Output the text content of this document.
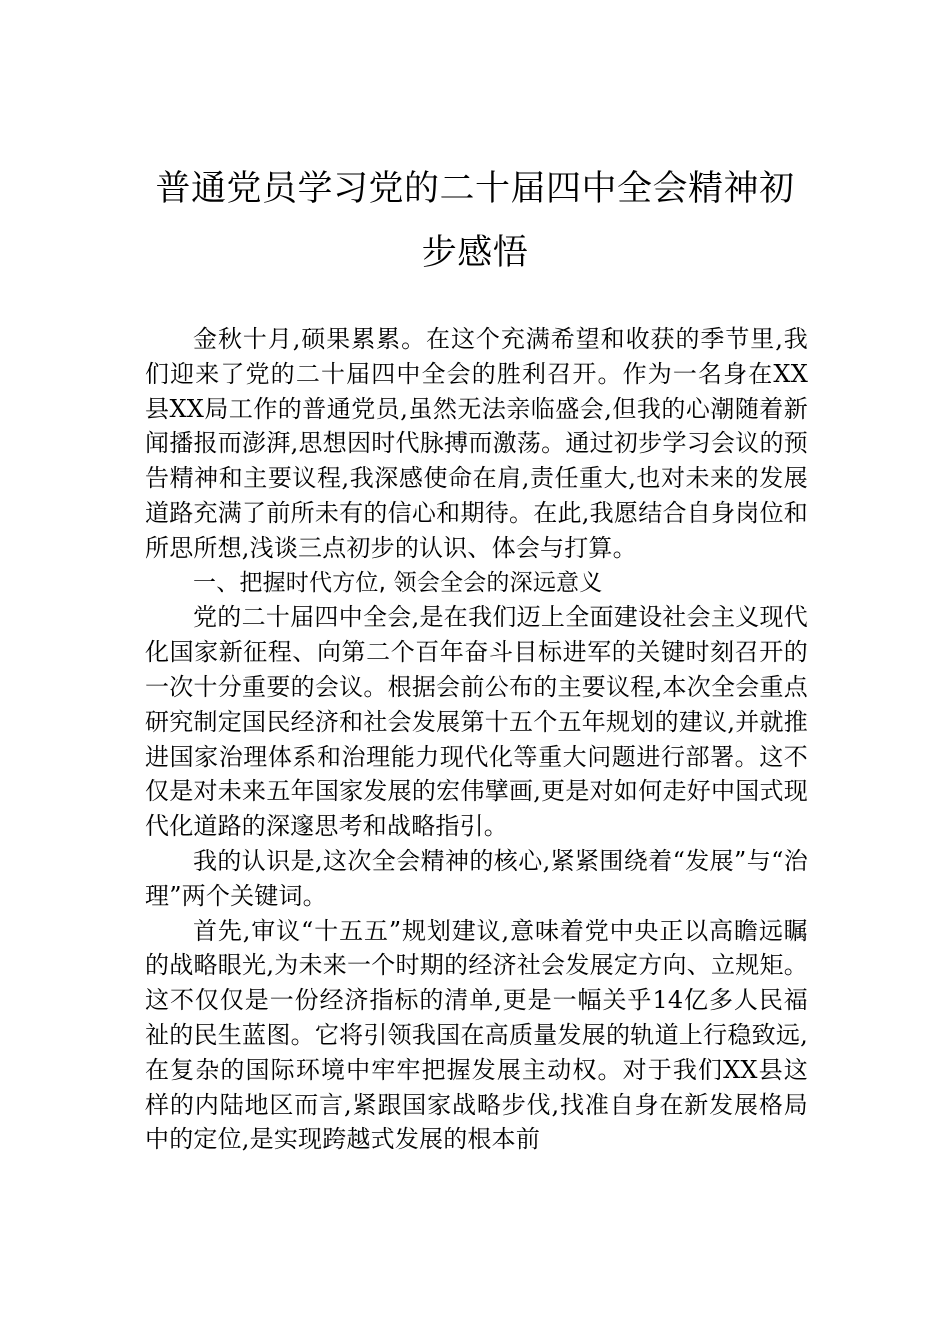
普通党员学习党的二十届四中全会精神初步感悟

金秋十月,硕果累累。在这个充满希望和收获的季节里,我们迎来了党的二十届四中全会的胜利召开。作为一名身在XX县XX局工作的普通党员,虽然无法亲临盛会,但我的心潮随着新闻播报而澎湃,思想因时代脉搏而激荡。通过初步学习会议的预告精神和主要议程,我深感使命在肩,责任重大,也对未来的发展道路充满了前所未有的信心和期待。在此,我愿结合自身岗位和所思所想,浅谈三点初步的认识、体会与打算。

一、把握时代方位, 领会全会的深远意义

党的二十届四中全会,是在我们迈上全面建设社会主义现代化国家新征程、向第二个百年奋斗目标进军的关键时刻召开的一次十分重要的会议。根据会前公布的主要议程,本次全会重点研究制定国民经济和社会发展第十五个五年规划的建议,并就推进国家治理体系和治理能力现代化等重大问题进行部署。这不仅是对未来五年国家发展的宏伟擘画,更是对如何走好中国式现代化道路的深邃思考和战略指引。

我的认识是,这次全会精神的核心,紧紧围绕着“发展”与“治理”两个关键词。

首先,审议“十五五”规划建议,意味着党中央正以高瞻远瞩的战略眼光,为未来一个时期的经济社会发展定方向、立规矩。这不仅仅是一份经济指标的清单,更是一幅关乎14亿多人民福祉的民生蓝图。它将引领我国在高质量发展的轨道上行稳致远,在复杂的国际环境中牢牢把握发展主动权。对于我们XX县这样的内陆地区而言,紧跟国家战略步伐,找准自身在新发展格局中的定位,是实现跨越式发展的根本前
